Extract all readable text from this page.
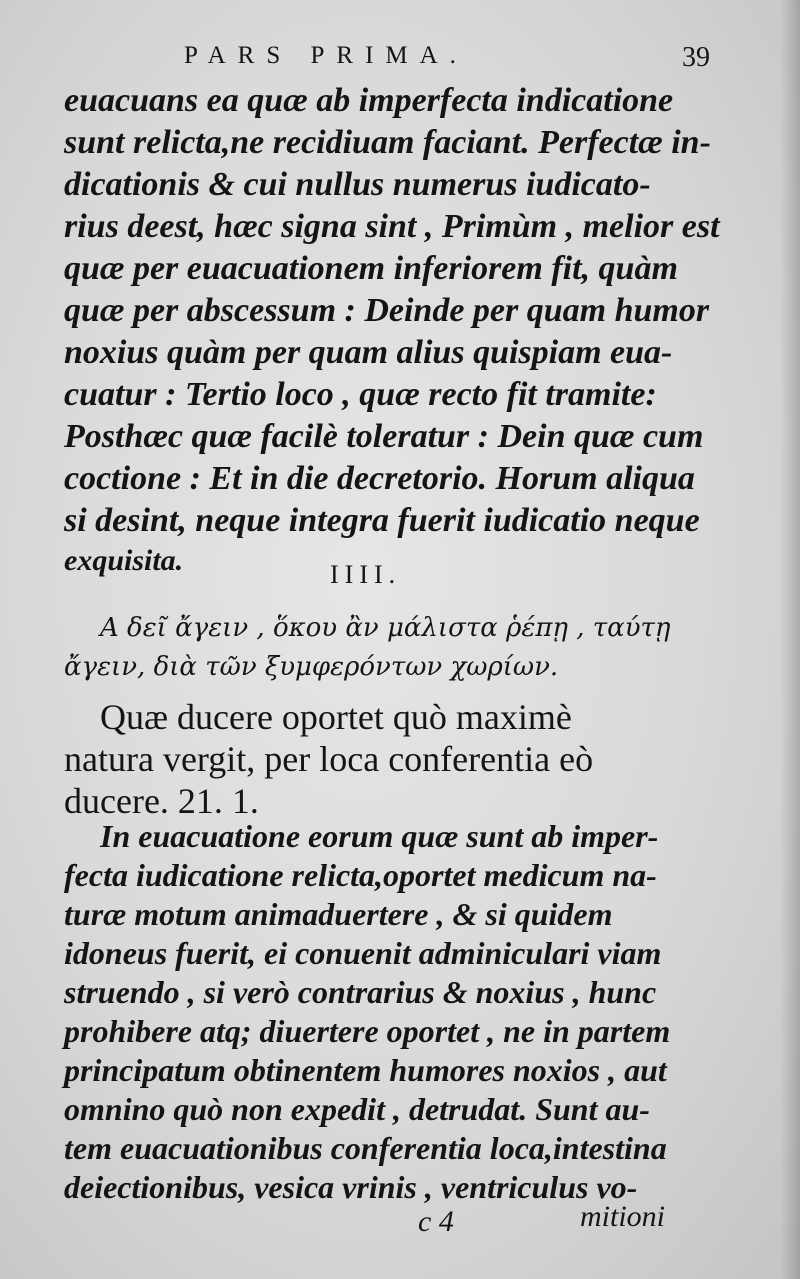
PARS PRIMA.	39
euacuans ea quæ ab imperfecta indicatione
sunt relicta,ne recidiuam faciant. Perfectæ in-
dicationis & cui nullus numerus iudicato-
rius deest, hæc signa sint , Primùm , melior est
quæ per euacuationem inferiorem fit, quàm
quæ per abscessum : Deinde per quam humor
noxius quàm per quam alius quispiam eua-
cuatur : Tertio loco , quæ recto fit tramite:
Posthæc quæ facilè toleratur : Dein quæ cum
coctione : Et in die decretorio. Horum aliqua
si desint, neque integra fuerit iudicatio neque
exquisita.	IIII.
Α δεῖ ἄγειν , ὅκου ἂν μάλιστα ῥέπῃ , ταύτῃ
ἄγειν, διὰ τῶν ξυμφερόντων χωρίων.
Quæ ducere oportet quò maximè
natura vergit, per loca conferentia eò
ducere. 21. 1.
In euacuatione eorum quæ sunt ab imper-
fecta iudicatione relicta,oportet medicum na-
turæ motum animaduertere , & si quidem
idoneus fuerit, ei conuenit adminiculari viam
struendo , si verò contrarius & noxius , hunc
prohibere atq; diuertere oportet , ne in partem
principatum obtinentem humores noxios , aut
omnino quò non expedit , detrudat. Sunt au-
tem euacuationibus conferentia loca,intestina
deiectionibus, vesica vrinis , ventriculus vo-
c 4	mitioni
